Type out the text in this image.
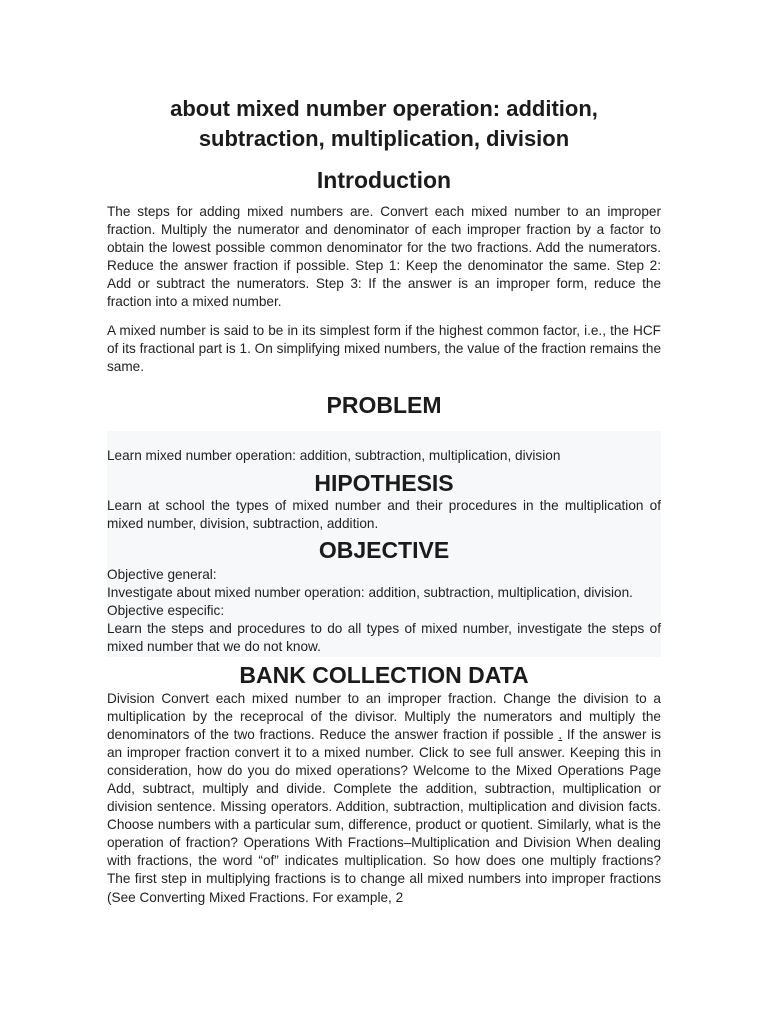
about mixed number operation: addition, subtraction, multiplication, division
Introduction

The steps for adding mixed numbers are. Convert each mixed number to an improper fraction. Multiply the numerator and denominator of each improper fraction by a factor to obtain the lowest possible common denominator for the two fractions. Add the numerators. Reduce the answer fraction if possible. Step 1: Keep the denominator the same. Step 2: Add or subtract the numerators. Step 3: If the answer is an improper form, reduce the fraction into a mixed number.

A mixed number is said to be in its simplest form if the highest common factor, i.e., the HCF of its fractional part is 1. On simplifying mixed numbers, the value of the fraction remains the same.

PROBLEM

Learn mixed number operation: addition, subtraction, multiplication, division

HIPOTHESIS

Learn at school the types of mixed number and their procedures in the multiplication of mixed number, division, subtraction, addition.

OBJECTIVE

Objective general:

Investigate about mixed number operation: addition, subtraction, multiplication, division.

Objective especific:

Learn the steps and procedures to do all types of mixed number, investigate the steps of mixed number that we do not know.

BANK COLLECTION DATA

Division Convert each mixed number to an improper fraction. Change the division to a multiplication by the receprocal of the divisor. Multiply the numerators and multiply the denominators of the two fractions. Reduce the answer fraction if possible . If the answer is an improper fraction convert it to a mixed number. Click to see full answer. Keeping this in consideration, how do you do mixed operations? Welcome to the Mixed Operations Page Add, subtract, multiply and divide. Complete the addition, subtraction, multiplication or division sentence. Missing operators. Addition, subtraction, multiplication and division facts. Choose numbers with a particular sum, difference, product or quotient. Similarly, what is the operation of fraction? Operations With Fractions–Multiplication and Division When dealing with fractions, the word “of” indicates multiplication. So how does one multiply fractions? The first step in multiplying fractions is to change all mixed numbers into improper fractions (See Converting Mixed Fractions. For example, 2
